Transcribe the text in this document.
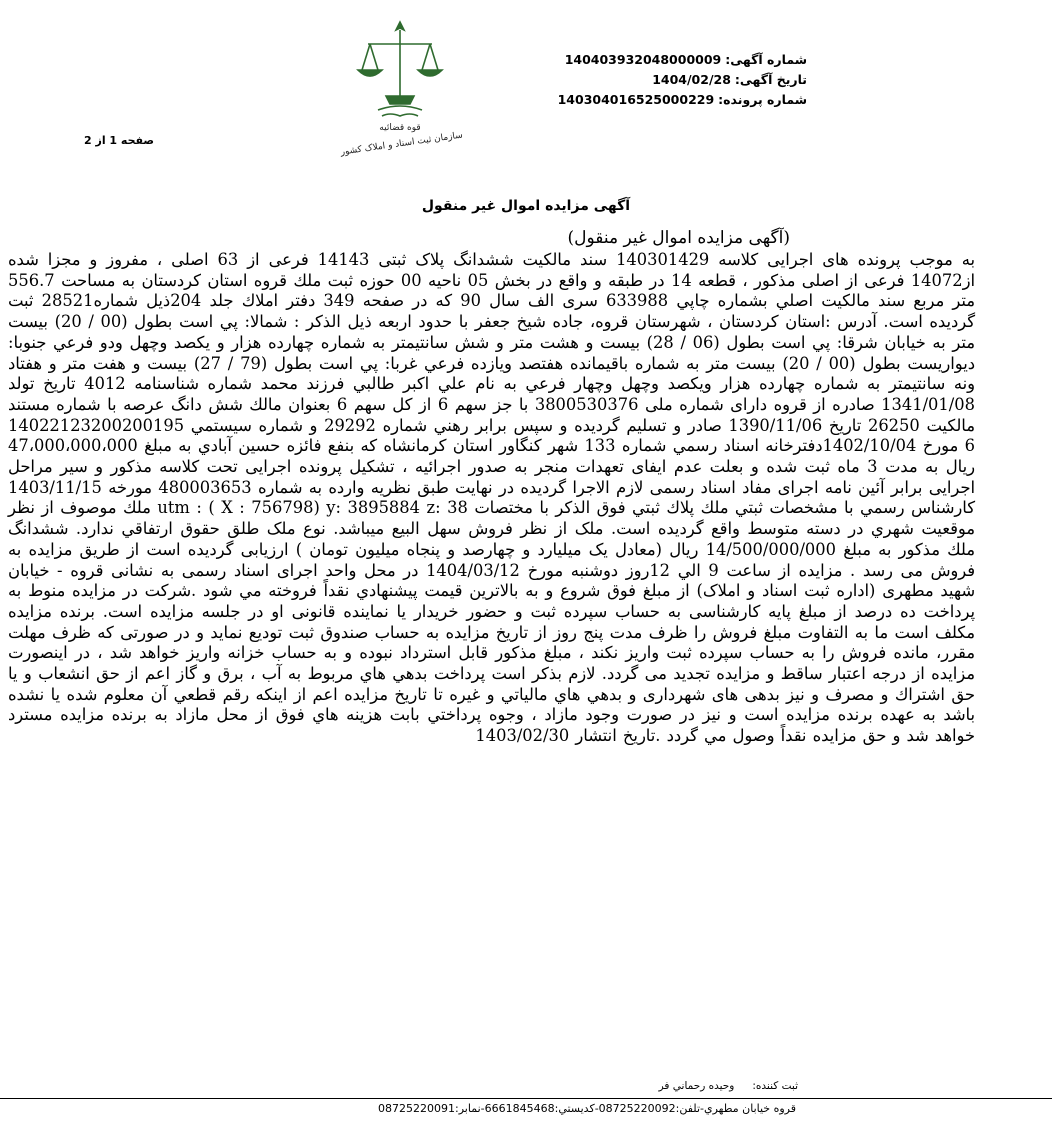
شماره آگهی:140403932048000009
تاریخ آگهی:1404/02/28
شماره پرونده:140304016525000229
قوه قضائیه
سازمان ثبت اسناد و املاک کشور
صفحه 1 از 2
آگهی مزایده اموال غیر منقول
(آگهی مزایده اموال غیر منقول)
به موجب پرونده های اجرایی کلاسه 140301429 سند مالکیت ششدانگ پلاک ثبتی 14143 فرعی از 63 اصلی ، مفروز و مجزا شده از14072 فرعی از اصلی مذکور ، قطعه 14 در طبقه و واقع در بخش 05 ناحیه 00 حوزه ثبت ملك قروه استان كردستان به مساحت 556.7 متر مربع سند مالکیت اصلي بشماره چاپي 633988 سری الف سال 90 که در صفحه 349 دفتر املاك جلد 204ذیل شماره28521 ثبت گردیده است. آدرس :استان کردستان ، شهرستان قروه، جاده شیخ جعفر با حدود اربعه ذیل الذکر : شمالا: پي است بطول (00 / 20) بیست متر به خیابان شرقا: پي است بطول (06 / 28) بیست و هشت متر و شش سانتیمتر به شماره چهارده هزار و یکصد وچهل ودو فرعي جنوبا: دیواریست بطول (00 / 20) بیست متر به شماره باقیمانده هفتصد ویازده فرعي غربا: پي است بطول (79 / 27) بیست و هفت متر و هفتاد ونه سانتیمتر به شماره چهارده هزار ویکصد وچهل وچهار فرعي به نام علي اكبر طالبي فرزند محمد شماره شناسنامه 4012 تاریخ تولد 1341/01/08 صادره از قروه دارای شماره ملی 3800530376 با جز سهم 6 از كل سهم 6 بعنوان مالك شش دانگ عرصه با شماره مستند مالكيت 26250 تاريخ 1390/11/06 صادر و تسليم گرديده و سپس برابر رهني شماره 29292 و شماره سيستمي 14022123200200195​6 مورخ 1402/10/04دفترخانه اسناد رسمي شماره 133 شهر كنگاور استان كرمانشاه كه بنفع فائزه حسين آبادي به مبلغ 47،000،000،000 ريال به مدت 3 ماه ثبت شده و بعلت عدم ایفای تعهدات منجر به صدور اجرائیه ، تشکیل پرونده اجرایی تحت کلاسه مذکور و سیر مراحل اجرایی برابر آئین نامه اجرای مفاد اسناد رسمی لازم الاجرا گردیده در نهایت طبق نظریه وارده به شماره 480003653 مورخه 1403/11/15 كارشناس رسمي با مشخصات ثبتي ملك پلاك ثبتي فوق الذكر با مختصات utm : ( X : 756798) y: 3895884 z: 38 ملك موصوف از نظر موقعيت شهري در دسته متوسط واقع گرديده است. ملک از نظر فروش سهل البیع میباشد. نوع ملک طلق حقوق ارتفاقي ندارد. ششدانگ ملك مذكور به مبلغ 14/500/000/000 ریال (معادل یک میلیارد و چهارصد و پنجاه میلیون تومان ) ارزیابی گردیده است از طریق مزایده به فروش می رسد . مزایده از ساعت 9 الي 12روز دوشنبه مورخ 1404/03/12 در محل واحد اجرای اسناد رسمی به نشانی قروه - خیابان شهید مطهری (اداره ثبت اسناد و املاک) از مبلغ فوق شروع و به بالاترین قیمت پیشنهادي نقداً فروخته مي شود .شرکت در مزایده منوط به پرداخت ده درصد از مبلغ پایه كارشناسی به حساب سپرده ثبت و حضور خریدار یا نماینده قانونی او در جلسه مزایده است. برنده مزایده مکلف است ما به التفاوت مبلغ فروش را ظرف مدت پنج روز از تاریخ مزایده به حساب صندوق ثبت تودیع نماید و در صورتی که ظرف مهلت مقرر، مانده فروش را به حساب سپرده ثبت واریز نکند ، مبلغ مذکور قابل استرداد نبوده و به حساب خزانه واریز خواهد شد ، در اینصورت مزایده از درجه اعتبار ساقط و مزایده تجدید می گردد. لازم بذكر است پرداخت بدهي هاي مربوط به آب ، برق و گاز اعم از حق انشعاب و يا حق اشتراك و مصرف و نیز بدهی های شهرداری و بدهي هاي مالياتي و غيره تا تاريخ مزايده اعم از اينكه رقم قطعي آن معلوم شده يا نشده باشد به عهده برنده مزايده است و نيز در صورت وجود مازاد ، وجوه پرداختي بابت هزينه هاي فوق از محل مازاد به برنده مزايده مسترد خواهد شد و حق مزايده نقداً وصول مي گردد .تاریخ انتشار 1403/02/30
ثبت کننده:وحیده رحماني فر
قروه خيابان مطهري-تلفن:08725220092-كديستي:6661845468-نمابر:08725220091
